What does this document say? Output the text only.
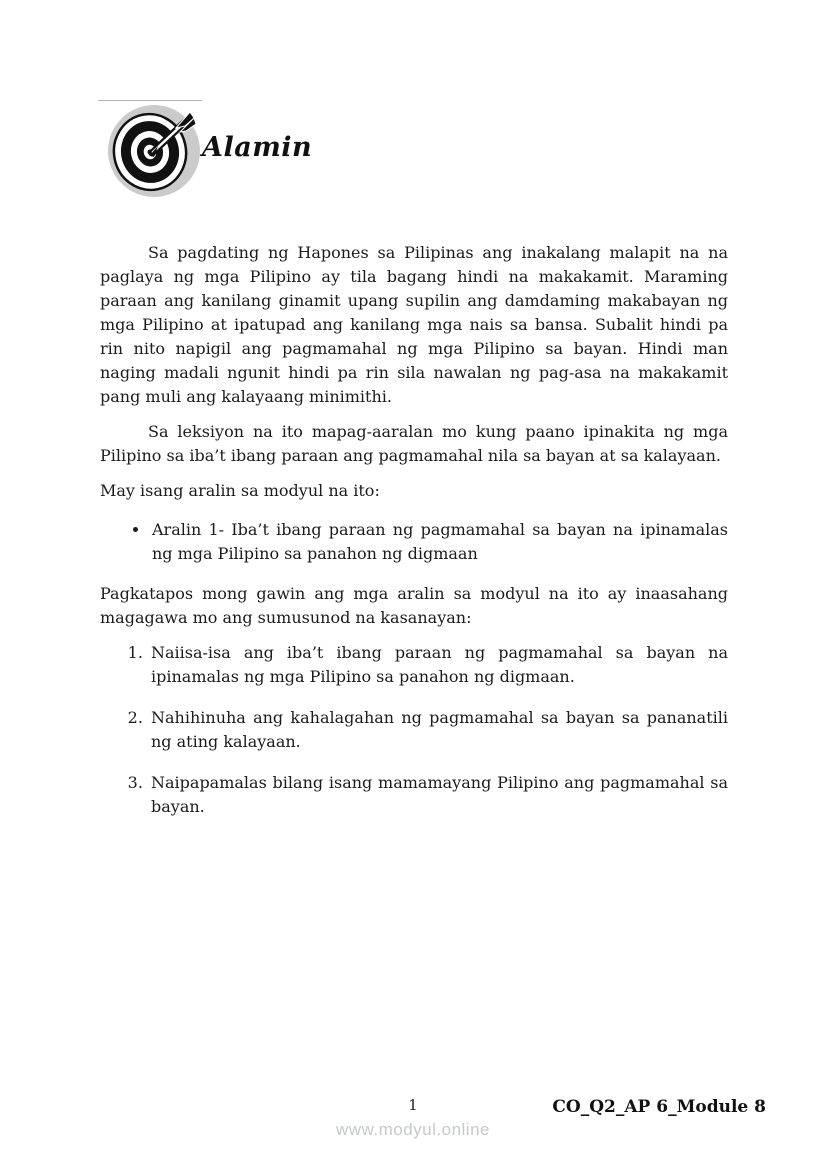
Alamin

Sa pagdating ng Hapones sa Pilipinas ang inakalang malapit na na paglaya ng mga Pilipino ay tila bagang hindi na makakamit. Maraming paraan ang kanilang ginamit upang supilin ang damdaming makabayan ng mga Pilipino at ipatupad ang kanilang mga nais sa bansa. Subalit hindi pa rin nito napigil ang pagmamahal ng mga Pilipino sa bayan. Hindi man naging madali ngunit hindi pa rin sila nawalan ng pag-asa na makakamit pang muli ang kalayaang minimithi.

Sa leksiyon na ito mapag-aaralan mo kung paano ipinakita ng mga Pilipino sa iba’t ibang paraan ang pagmamahal nila sa bayan at sa kalayaan.

May isang aralin sa modyul na ito:

• Aralin 1- Iba’t ibang paraan ng pagmamahal sa bayan na ipinamalas ng mga Pilipino sa panahon ng digmaan

Pagkatapos mong gawin ang mga aralin sa modyul na ito ay inaasahang magagawa mo ang sumusunod na kasanayan:

1. Naiisa-isa ang iba’t ibang paraan ng pagmamahal sa bayan na ipinamalas ng mga Pilipino sa panahon ng digmaan.
2. Nahihinuha ang kahalagahan ng pagmamahal sa bayan sa pananatili ng ating kalayaan.
3. Naipapamalas bilang isang mamamayang Pilipino ang pagmamahal sa bayan.
1
www.modyul.online
CO_Q2_AP 6_Module 8
